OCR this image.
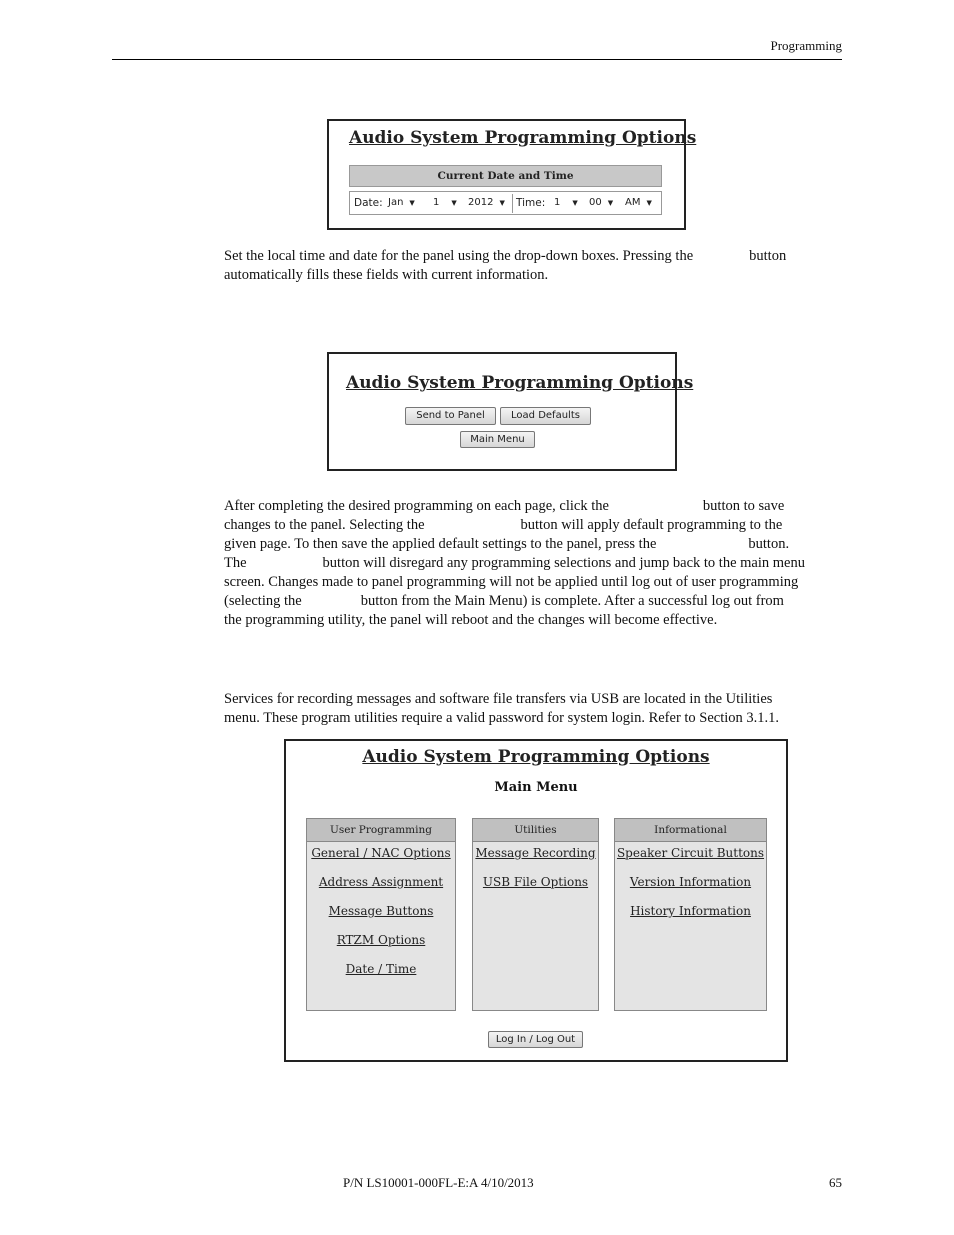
Programming
Audio System Programming Options
Current Date and Time
Date: Jan ▼ 1 ▼ 2012 ▼ Time: 1 ▼ 00 ▼ AM ▼
Set the local time and date for the panel using the drop-down boxes. Pressing the	button
automatically fills these fields with current information.
Audio System Programming Options
Send to Panel	Load Defaults
Main Menu
After completing the desired programming on each page, click the	button to save
changes to the panel. Selecting the	button will apply default programming to the
given page. To then save the applied default settings to the panel, press the	button.
The	button will disregard any programming selections and jump back to the main menu
screen. Changes made to panel programming will not be applied until log out of user programming
(selecting the	button from the Main Menu) is complete. After a successful log out from
the programming utility, the panel will reboot and the changes will become effective.
Services for recording messages and software file transfers via USB are located in the Utilities
menu. These program utilities require a valid password for system login. Refer to Section 3.1.1.
Audio System Programming Options
Main Menu
User Programming
General / NAC Options
Address Assignment
Message Buttons
RTZM Options
Date / Time
Utilities
Message Recording
USB File Options
Informational
Speaker Circuit Buttons
Version Information
History Information
Log In / Log Out
P/N LS10001-000FL-E:A 4/10/2013	65
